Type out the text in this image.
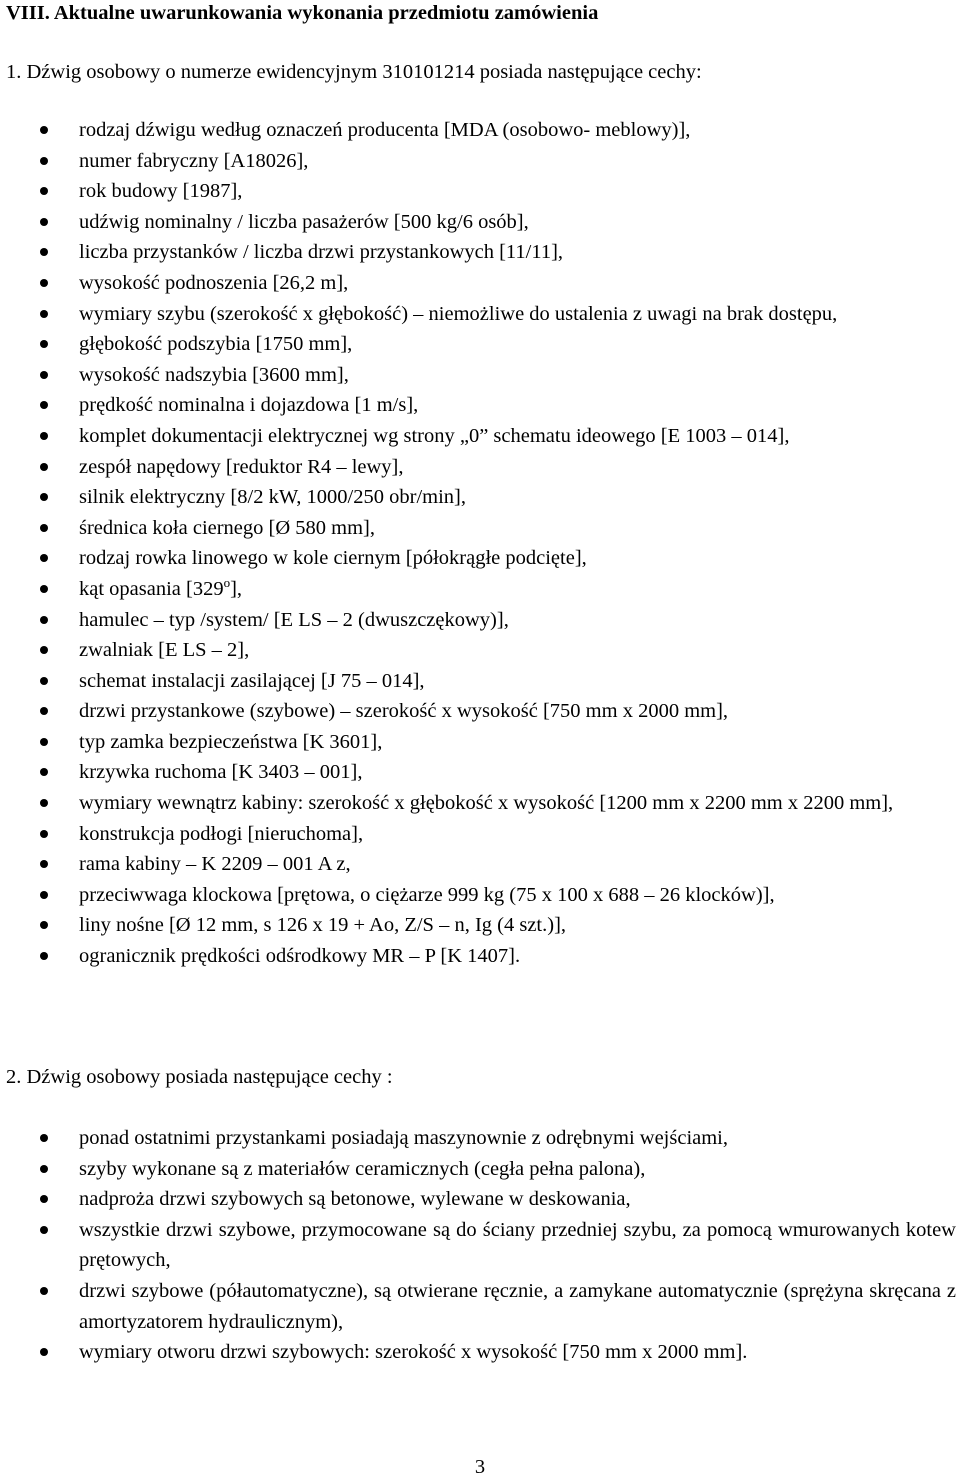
VIII. Aktualne uwarunkowania wykonania przedmiotu zamówienia
1. Dźwig osobowy o numerze ewidencyjnym 310101214 posiada następujące cechy:
rodzaj dźwigu według oznaczeń producenta [MDA (osobowo- meblowy)],
numer fabryczny [A18026],
rok budowy [1987],
udźwig nominalny / liczba pasażerów [500 kg/6 osób],
liczba przystanków / liczba drzwi przystankowych [11/11],
wysokość podnoszenia [26,2 m],
wymiary szybu (szerokość x głębokość) – niemożliwe do ustalenia z uwagi na brak dostępu,
głębokość podszybia [1750 mm],
wysokość nadszybia [3600 mm],
prędkość nominalna i dojazdowa [1 m/s],
komplet dokumentacji elektrycznej wg strony „0” schematu ideowego [E 1003 – 014],
zespół napędowy [reduktor R4 – lewy],
silnik elektryczny [8/2 kW, 1000/250 obr/min],
średnica koła ciernego [Ø 580 mm],
rodzaj rowka linowego w kole ciernym [półokrągłe podcięte],
kąt opasania [329$^o$],
hamulec – typ /system/ [E LS – 2 (dwuszczękowy)],
zwalniak [E LS – 2],
schemat instalacji zasilającej [J 75 – 014],
drzwi przystankowe (szybowe) – szerokość x wysokość [750 mm x 2000 mm],
typ zamka bezpieczeństwa [K 3601],
krzywka ruchoma [K 3403 – 001],
wymiary wewnątrz kabiny: szerokość x głębokość x wysokość [1200 mm x 2200 mm x 2200 mm],
konstrukcja podłogi [nieruchoma],
rama kabiny – K 2209 – 001 A z,
przeciwwaga klockowa [prętowa, o ciężarze 999 kg (75 x 100 x 688 – 26 klocków)],
liny nośne [Ø 12 mm, s 126 x 19 + Ao, Z/S – n, Ig (4 szt.)],
ogranicznik prędkości odśrodkowy MR – P [K 1407].
2. Dźwig osobowy posiada następujące cechy :
ponad ostatnimi przystankami posiadają maszynownie z odrębnymi wejściami,
szyby wykonane są z materiałów ceramicznych (cegła pełna palona),
nadproża drzwi szybowych są betonowe, wylewane w deskowania,
wszystkie drzwi szybowe, przymocowane są do ściany przedniej szybu, za pomocą wmurowanych kotew prętowych,
drzwi szybowe (półautomatyczne), są otwierane ręcznie, a zamykane automatycznie (sprężyna skręcana z amortyzatorem hydraulicznym),
wymiary otworu drzwi szybowych: szerokość x wysokość [750 mm x 2000 mm].
3
